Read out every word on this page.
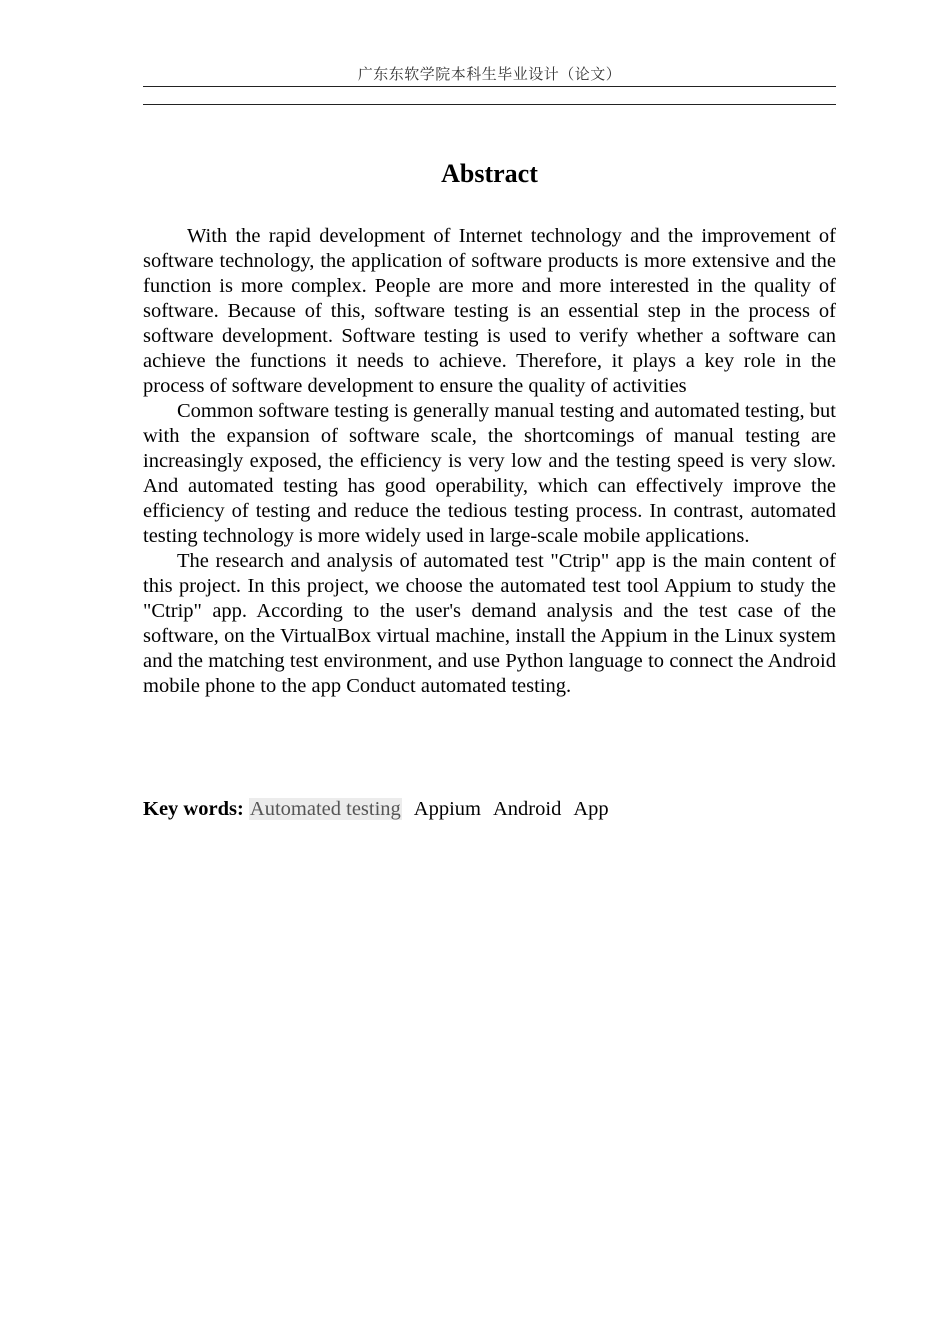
广东东软学院本科生毕业设计（论文）
Abstract

With the rapid development of Internet technology and the improvement of software technology, the application of software products is more extensive and the function is more complex. People are more and more interested in the quality of software. Because of this, software testing is an essential step in the process of software development. Software testing is used to verify whether a software can achieve the functions it needs to achieve. Therefore, it plays a key role in the process of software development to ensure the quality of activities

Common software testing is generally manual testing and automated testing, but with the expansion of software scale, the shortcomings of manual testing are increasingly exposed, the efficiency is very low and the testing speed is very slow. And automated testing has good operability, which can effectively improve the efficiency of testing and reduce the tedious testing process. In contrast, automated testing technology is more widely used in large-scale mobile applications.

The research and analysis of automated test "Ctrip" app is the main content of this project. In this project, we choose the automated test tool Appium to study the "Ctrip" app. According to the user's demand analysis and the test case of the software, on the VirtualBox virtual machine, install the Appium in the Linux system and the matching test environment, and use Python language to connect the Android mobile phone to the app Conduct automated testing.

Key words: Automated testing Appium Android App
